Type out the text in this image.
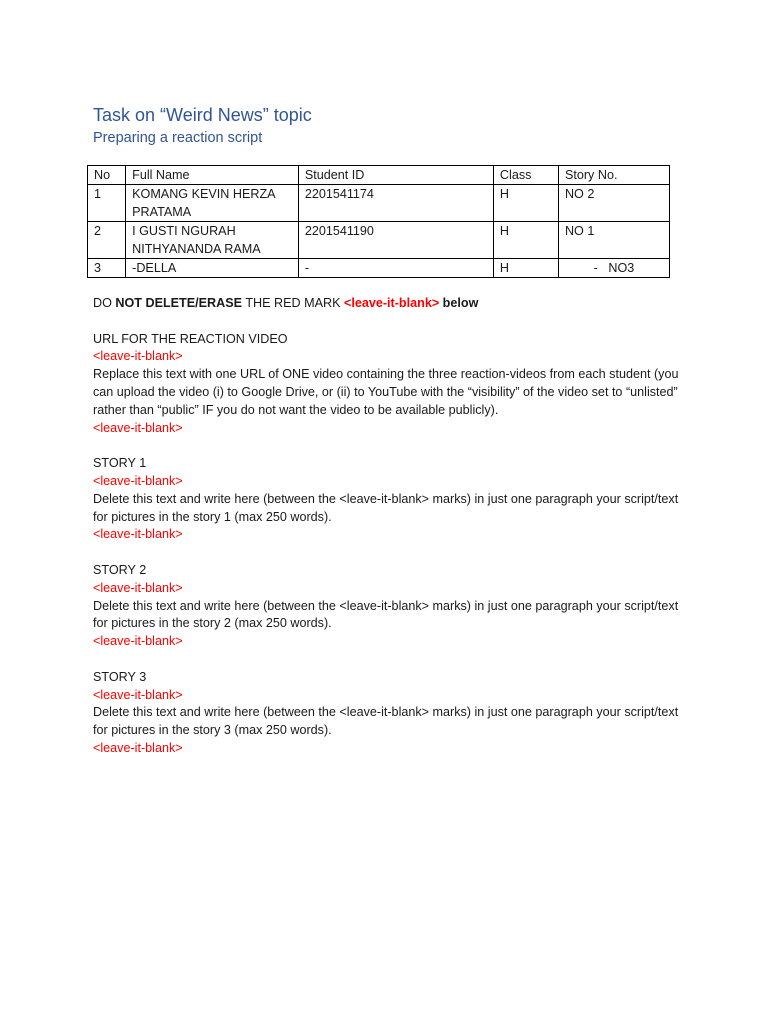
Task on “Weird News” topic

Preparing a reaction script

No	Full Name	Student ID	Class	Story No.
1	KOMANG KEVIN HERZA PRATAMA	2201541174	H	NO 2
2	I GUSTI NGURAH NITHYANANDA RAMA	2201541190	H	NO 1
3	-DELLA	-	H	-   NO3

DO NOT DELETE/ERASE THE RED MARK <leave-it-blank> below

URL FOR THE REACTION VIDEO

<leave-it-blank>

Replace this text with one URL of ONE video containing the three reaction-videos from each student (you can upload the video (i) to Google Drive, or (ii) to YouTube with the “visibility” of the video set to “unlisted” rather than “public” IF you do not want the video to be available publicly).

<leave-it-blank>

STORY 1

<leave-it-blank>

Delete this text and write here (between the <leave-it-blank> marks) in just one paragraph your script/text for pictures in the story 1 (max 250 words).

<leave-it-blank>

STORY 2

<leave-it-blank>

Delete this text and write here (between the <leave-it-blank> marks) in just one paragraph your script/text for pictures in the story 2 (max 250 words).

<leave-it-blank>

STORY 3

<leave-it-blank>

Delete this text and write here (between the <leave-it-blank> marks) in just one paragraph your script/text for pictures in the story 3 (max 250 words).

<leave-it-blank>
